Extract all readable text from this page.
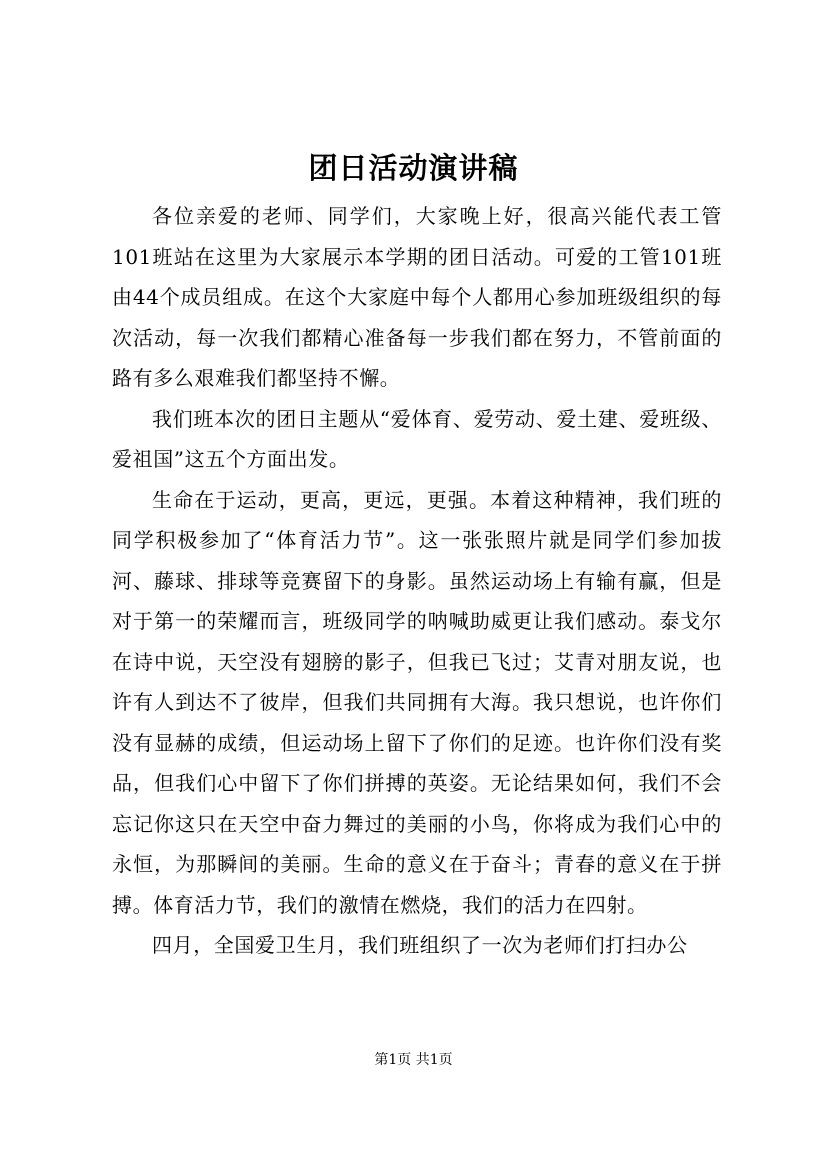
团日活动演讲稿

各位亲爱的老师、同学们，大家晚上好，很高兴能代表工管101班站在这里为大家展示本学期的团日活动。可爱的工管101班由44个成员组成。在这个大家庭中每个人都用心参加班级组织的每次活动，每一次我们都精心准备每一步我们都在努力，不管前面的路有多么艰难我们都坚持不懈。

我们班本次的团日主题从“爱体育、爱劳动、爱土建、爱班级、爱祖国”这五个方面出发。

生命在于运动，更高，更远，更强。本着这种精神，我们班的同学积极参加了“体育活力节”。这一张张照片就是同学们参加拔河、藤球、排球等竞赛留下的身影。虽然运动场上有输有赢，但是对于第一的荣耀而言，班级同学的呐喊助威更让我们感动。泰戈尔在诗中说，天空没有翅膀的影子，但我已飞过；艾青对朋友说，也许有人到达不了彼岸，但我们共同拥有大海。我只想说，也许你们没有显赫的成绩，但运动场上留下了你们的足迹。也许你们没有奖品，但我们心中留下了你们拼搏的英姿。无论结果如何，我们不会忘记你这只在天空中奋力舞过的美丽的小鸟，你将成为我们心中的永恒，为那瞬间的美丽。生命的意义在于奋斗；青春的意义在于拼搏。体育活力节，我们的激情在燃烧，我们的活力在四射。

四月，全国爱卫生月，我们班组织了一次为老师们打扫办公

第1页 共1页
